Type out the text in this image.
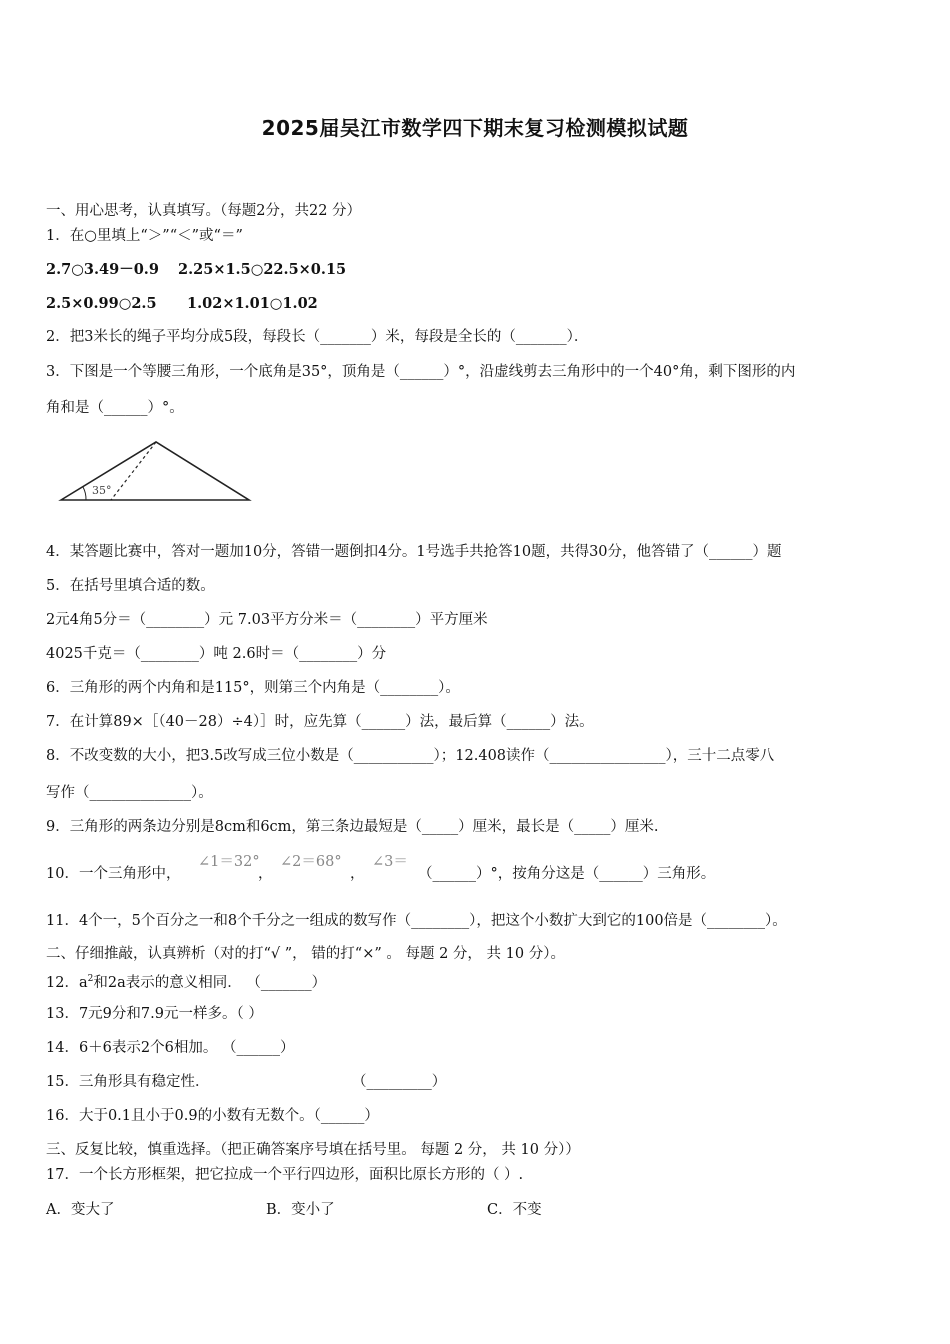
2025届吴江市数学四下期末复习检测模拟试题
一、用心思考，认真填写。（每题2分，共22 分）
1．在○里填上“＞”“＜”或“＝”
2.7○3.49－0.9 2.25×1.5○22.5×0.15
2.5×0.99○2.5 1.02×1.01○1.02
2．把3米长的绳子平均分成5段，每段长（_______）米，每段是全长的（_______）．
3．下图是一个等腰三角形，一个底角是35°，顶角是（______）°，沿虚线剪去三角形中的一个40°角，剩下图形的内
角和是（______）°。
35°
4．某答题比赛中，答对一题加10分，答错一题倒扣4分。1号选手共抢答10题，共得30分，他答错了（______）题
5．在括号里填合适的数。
2元4角5分＝（________）元 7.03平方分米＝（________）平方厘米
4025千克＝（________）吨 2.6时＝（________）分
6．三角形的两个内角和是115°，则第三个内角是（________）。
7．在计算89×［（40－28）÷4）］时，应先算（______）法，最后算（______）法。
8．不改变数的大小，把3.5改写成三位小数是（___________）；12.408读作（________________），三十二点零八
写作（______________）。
9．三角形的两条边分别是8cm和6cm，第三条边最短是（_____）厘米，最长是（_____）厘米.
10．一个三角形中，
∠1＝32°
，
∠2＝68°
，
∠3＝
（______）°，按角分这是（______）三角形。
11．4个一，5个百分之一和8个千分之一组成的数写作（________），把这个小数扩大到它的100倍是（________）。
二、仔细推敲，认真辨析（对的打“√ ”， 错的打“×” 。 每题 2 分， 共 10 分）。
12．$a^2$和2a表示的意义相同． （_______）
13．7元9分和7.9元一样多。（ ）
14．6＋6表示2个6相加。 （______）
15．三角形具有稳定性．	（_________）
16．大于0.1且小于0.9的小数有无数个。（______）
三、反复比较，慎重选择。（把正确答案序号填在括号里。 每题 2 分， 共 10 分））
17．一个长方形框架，把它拉成一个平行四边形，面积比原长方形的（ ）.
A．变大了	B．变小了	C．不变
